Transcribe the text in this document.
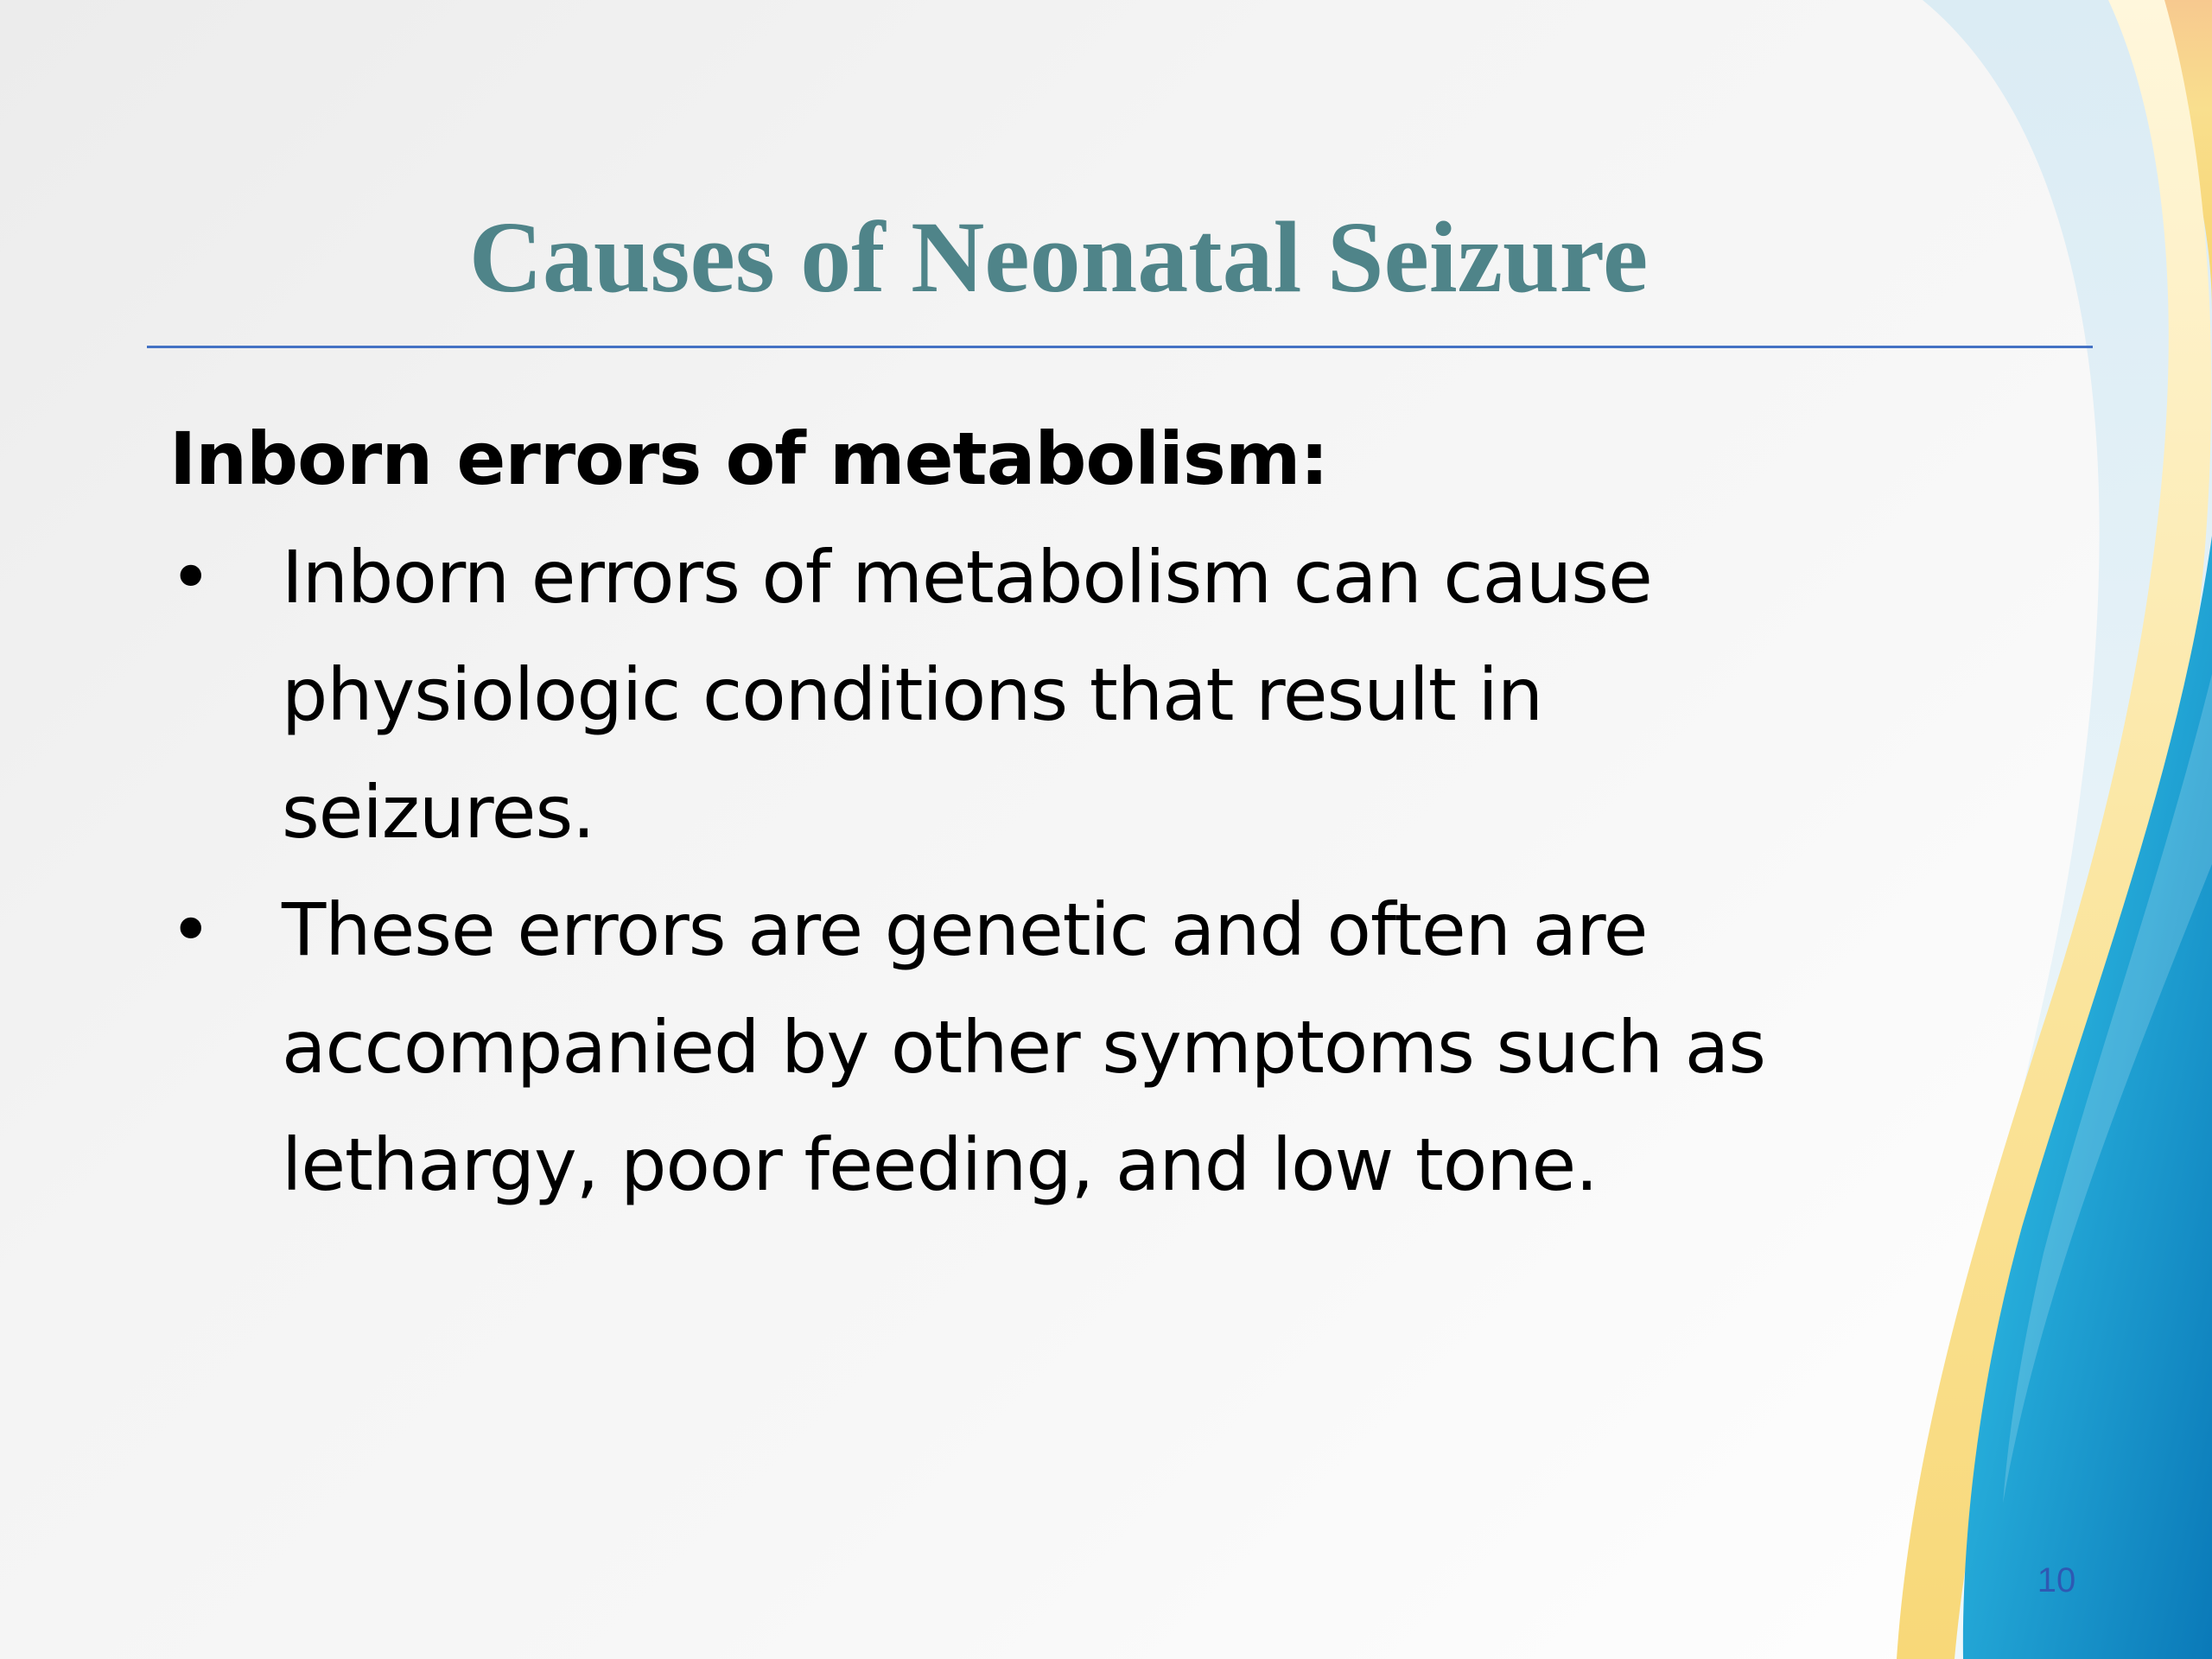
Causes of Neonatal Seizure

Inborn errors of metabolism:

• Inborn errors of metabolism can cause
physiologic conditions that result in
seizures.
• These errors are genetic and often are
accompanied by other symptoms such as
lethargy, poor feeding, and low tone.
10
